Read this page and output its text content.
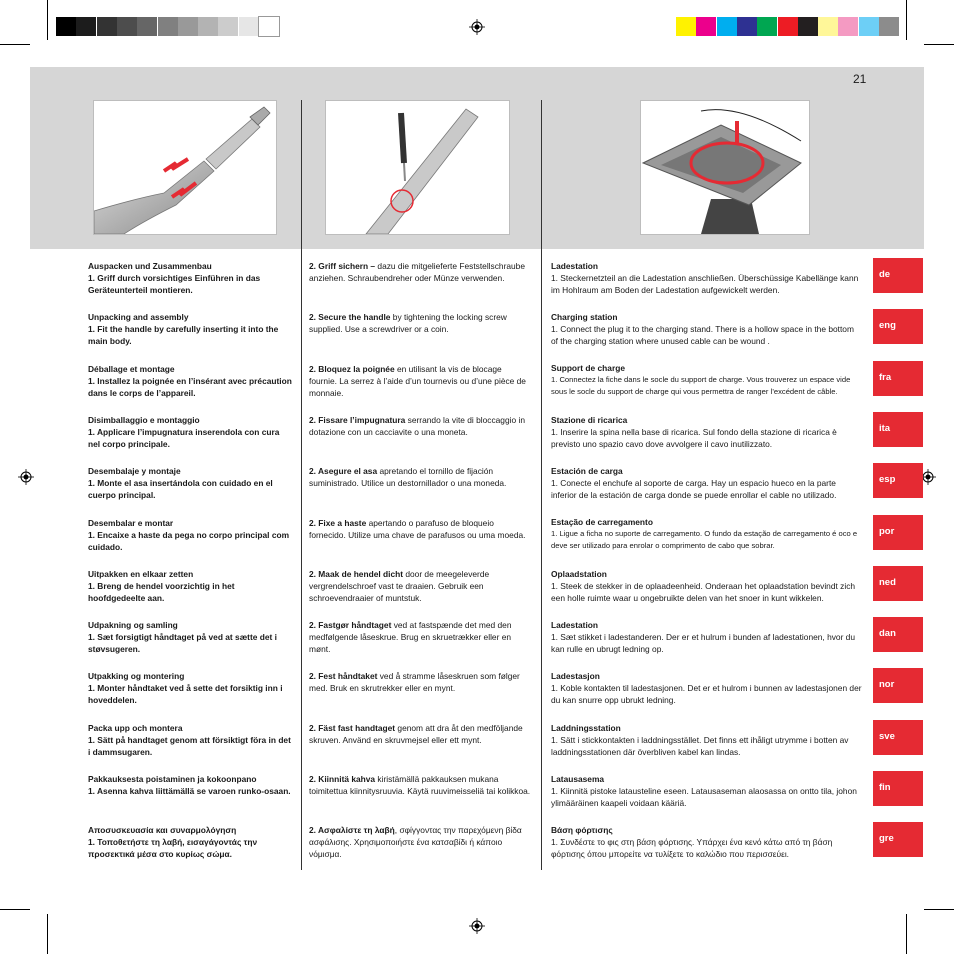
21
Auspacken und Zusammenbau
1. Griff durch vorsichtiges Einführen in das Geräteunterteil montieren.
Unpacking and assembly
1. Fit the handle by carefully inserting it into the main body.
Déballage et montage
1. Installez la poignée en l’insérant avec précaution dans le corps de l’appareil.
Disimballaggio e montaggio
1. Applicare l’impugnatura inserendola con cura nel corpo principale.
Desembalaje y montaje
1. Monte el asa insertándola con cuidado en el cuerpo principal.
Desembalar e montar
1. Encaixe a haste da pega no corpo principal com cuidado.
Uitpakken en elkaar zetten
1. Breng de hendel voorzichtig in het hoofdgedeelte aan.
Udpakning og samling
1. Sæt forsigtigt håndtaget på ved at sætte det i støvsugeren.
Utpakking og montering
1. Monter håndtaket ved å sette det forsiktig inn i hoveddelen.
Packa upp och montera
1. Sätt på handtaget genom att försiktigt föra in det i dammsugaren.
Pakkauksesta poistaminen ja kokoonpano
1. Asenna kahva liittämällä se varoen runko-osaan.
Αποσυσκευασία και συναρμολόγηση
1. Τοποθετήστε τη λαβή, εισαγάγοντάς την προσεκτικά μέσα στο κυρίως σώμα.
2. Griff sichern – dazu die mitgelieferte Feststellschraube anziehen. Schraubendreher oder Münze verwenden.
2. Secure the handle by tightening the locking screw supplied. Use a screwdriver or a coin.
2. Bloquez la poignée en utilisant la vis de blocage fournie. La serrez à l’aide d’un tournevis ou d’une pièce de monnaie.
2. Fissare l’impugnatura serrando la vite di bloccaggio in dotazione con un cacciavite o una moneta.
2. Asegure el asa apretando el tornillo de fijación suministrado. Utilice un destornillador o una moneda.
2. Fixe a haste apertando o parafuso de bloqueio fornecido. Utilize uma chave de parafusos ou uma moeda.
2. Maak de hendel dicht door de meegeleverde vergrendelschroef vast te draaien. Gebruik een schroevendraaier of muntstuk.
2. Fastgør håndtaget ved at fastspænde det med den medfølgende låseskrue. Brug en skruetrækker eller en mønt.
2. Fest håndtaket ved å stramme låseskruen som følger med. Bruk en skrutrekker eller en mynt.
2. Fäst fast handtaget genom att dra åt den medföljande skruven. Använd en skruvmejsel eller ett mynt.
2. Kiinnitä kahva kiristämällä pakkauksen mukana toimitettua kiinnitysruuvia. Käytä ruuvimeisseliä tai kolikkoa.
2. Ασφαλίστε τη λαβή, σφίγγοντας την παρεχόμενη βίδα ασφάλισης. Χρησιμοποιήστε ένα κατσαβίδι ή κάποιο νόμισμα.
Ladestation
1. Steckernetzteil an die Ladestation anschließen. Überschüssige Kabellänge kann im Hohlraum am Boden der Ladestation aufgewickelt werden.
Charging station
1. Connect the plug it to the charging stand. There is a hollow space in the bottom of the charging station where unused cable can be wound .
Support de charge
1. Connectez la fiche dans le socle du support de charge. Vous trouverez un espace vide sous le socle du support de charge qui vous permettra de ranger l’excédent de câble.
Stazione di ricarica
1. Inserire la spina nella base di ricarica. Sul fondo della stazione di ricarica è previsto uno spazio cavo dove avvolgere il cavo inutilizzato.
Estación de carga
1. Conecte el enchufe al soporte de carga. Hay un espacio hueco en la parte inferior de la estación de carga donde se puede enrollar el cable no utilizado.
Estação de carregamento
1. Ligue a ficha no suporte de carregamento. O fundo da estação de carregamento é oco e deve ser utilizado para enrolar o comprimento de cabo que sobrar.
Oplaadstation
1. Steek de stekker in de oplaadeenheid. Onderaan het oplaadstation bevindt zich een holle ruimte waar u ongebruikte delen van het snoer in kunt wikkelen.
Ladestation
1. Sæt stikket i ladestanderen. Der er et hulrum i bunden af ladestationen, hvor du kan rulle en ubrugt ledning op.
Ladestasjon
1. Koble kontakten til ladestasjonen. Det er et hulrom i bunnen av ladestasjonen der du kan snurre opp ubrukt ledning.
Laddningsstation
1. Sätt i stickkontakten i laddningsstället. Det finns ett ihåligt utrymme i botten av laddningsstationen där överbliven kabel kan lindas.
Latausasema
1. Kiinnitä pistoke latausteline eseen. Latausaseman alaosassa on ontto tila, johon ylimääräinen kaapeli voidaan kääriä.
Βάση φόρτισης
1. Συνδέστε το φις στη βάση φόρτισης. Υπάρχει ένα κενό κάτω από τη βάση φόρτισης όπου μπορείτε να τυλίξετε το καλώδιο που περισσεύει.
de
eng
fra
ita
esp
por
ned
dan
nor
sve
fin
gre
